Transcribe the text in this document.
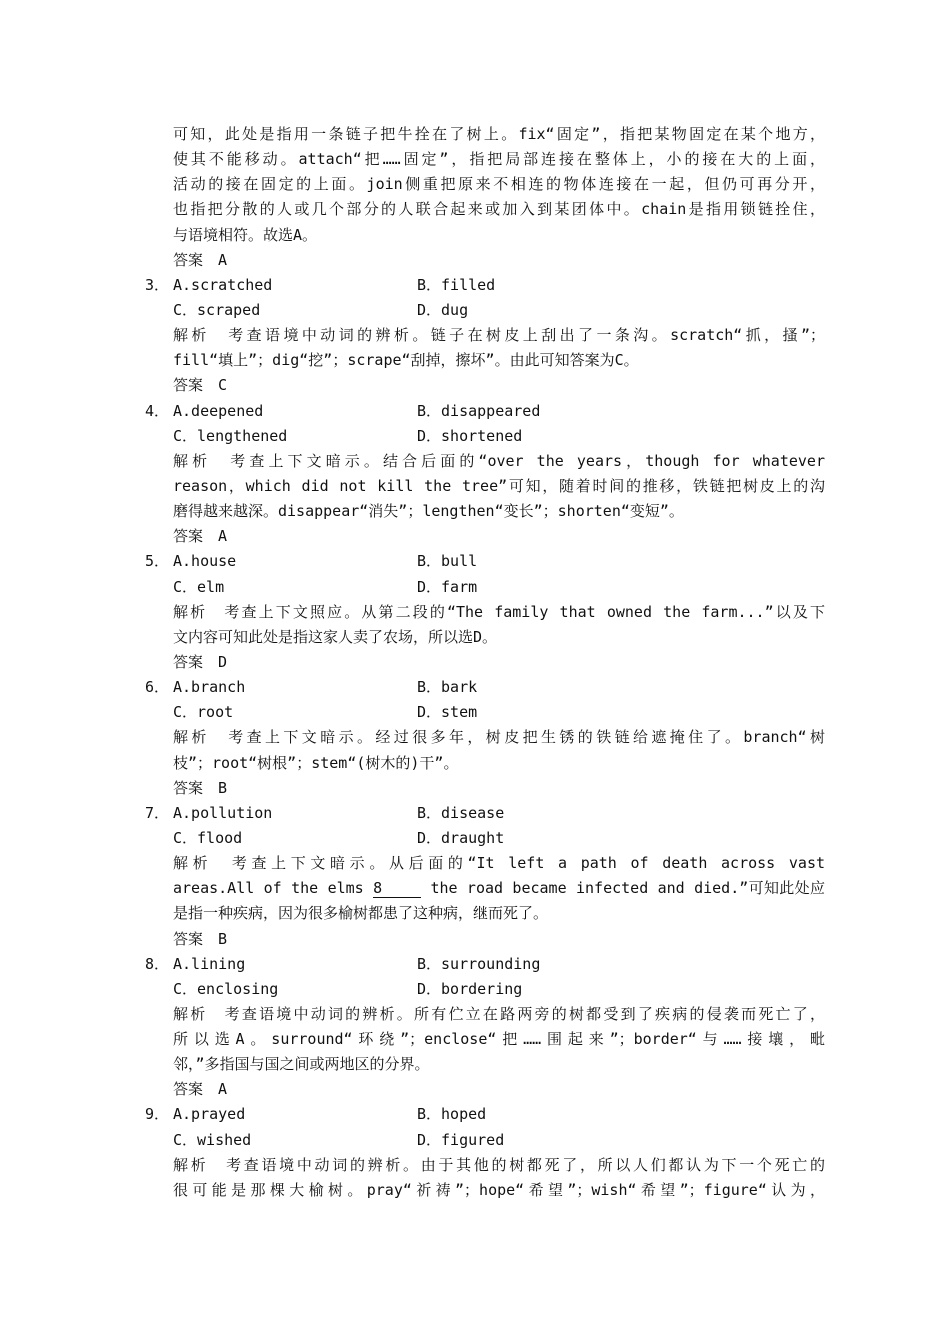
可知，此处是指用一条链子把牛拴在了树上。fix“固定”，指把某物固定在某个地方，
使其不能移动。attach“把……固定”，指把局部连接在整体上，小的接在大的上面，
活动的接在固定的上面。join侧重把原来不相连的物体连接在一起，但仍可再分开，
也指把分散的人或几个部分的人联合起来或加入到某团体中。chain是指用锁链拴住，
与语境相符。故选A。
答案　A
3． A.scratched	B．filled
C．scraped	D．dug
解析　考查语境中动词的辨析。链子在树皮上刮出了一条沟。scratch“抓，搔”；
fill“填上”；dig“挖”；scrape“刮掉，擦坏”。由此可知答案为C。
答案　C
4． A.deepened	B．disappeared
C．lengthened	D．shortened
解析　考查上下文暗示。结合后面的“over the years，though for whatever
reason，which did not kill the tree”可知，随着时间的推移，铁链把树皮上的沟
磨得越来越深。disappear“消失”；lengthen“变长”；shorten“变短”。
答案　A
5． A.house	B．bull
C．elm	D．farm
解析　考查上下文照应。从第二段的“The family that owned the farm...”以及下
文内容可知此处是指这家人卖了农场，所以选D。
答案　D
6． A.branch	B．bark
C．root	D．stem
解析　考查上下文暗示。经过很多年，树皮把生锈的铁链给遮掩住了。branch“树
枝”；root“树根”；stem“(树木的)干”。
答案　B
7． A.pollution	B．disease
C．flood	D．draught
解析　考查上下文暗示。从后面的“It left a path of death across vast
areas.All of the elms 8	the road became infected and died.”可知此处应
是指一种疾病，因为很多榆树都患了这种病，继而死了。
答案　B
8． A.lining	B．surrounding
C．enclosing	D．bordering
解析　考查语境中动词的辨析。所有伫立在路两旁的树都受到了疾病的侵袭而死亡了，
所以选A。surround“环绕”；enclose“把……围起来”；border“与……接壤，毗
邻，”多指国与国之间或两地区的分界。
答案　A
9． A.prayed	B．hoped
C．wished	D．figured
解析　考查语境中动词的辨析。由于其他的树都死了，所以人们都认为下一个死亡的
很可能是那棵大榆树。pray“祈祷”；hope“希望”；wish“希望”；figure“认为，
